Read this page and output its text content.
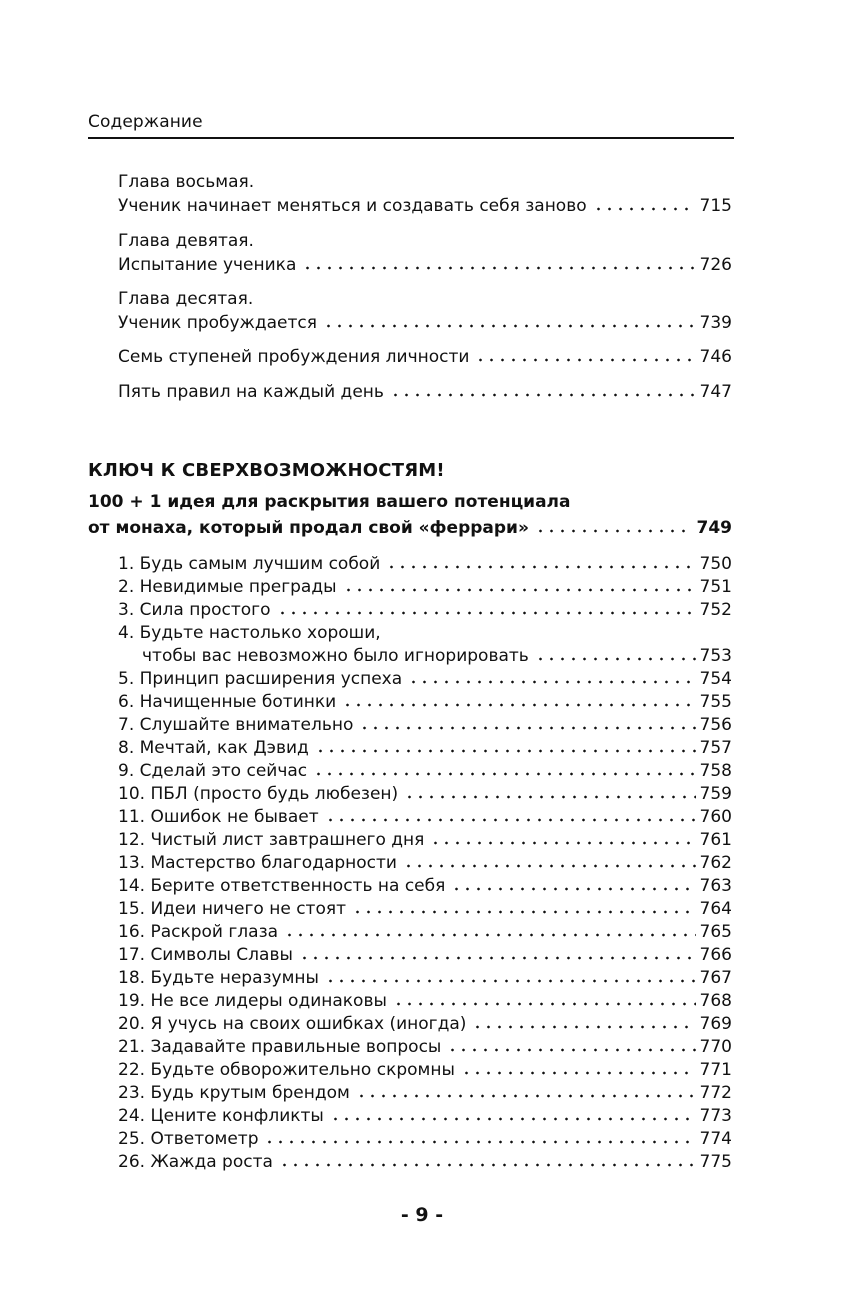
Содержание
Глава восьмая.
Ученик начинает меняться и создавать себя заново	715
Глава девятая.
Испытание ученика	726
Глава десятая.
Ученик пробуждается	739
Семь ступеней пробуждения личности	746
Пять правил на каждый день	747
КЛЮЧ К СВЕРХВОЗМОЖНОСТЯМ!
100 + 1 идея для раскрытия вашего потенциала
от монаха, который продал свой «феррари»	749
1. Будь самым лучшим собой	750
2. Невидимые преграды	751
3. Сила простого	752
4. Будьте настолько хороши,
чтобы вас невозможно было игнорировать	753
5. Принцип расширения успеха	754
6. Начищенные ботинки	755
7. Слушайте внимательно	756
8. Мечтай, как Дэвид	757
9. Сделай это сейчас	758
10. ПБЛ (просто будь любезен)	759
11. Ошибок не бывает	760
12. Чистый лист завтрашнего дня	761
13. Мастерство благодарности	762
14. Берите ответственность на себя	763
15. Идеи ничего не стоят	764
16. Раскрой глаза	765
17. Символы Славы	766
18. Будьте неразумны	767
19. Не все лидеры одинаковы	768
20. Я учусь на своих ошибках (иногда)	769
21. Задавайте правильные вопросы	770
22. Будьте обворожительно скромны	771
23. Будь крутым брендом	772
24. Цените конфликты	773
25. Ответометр	774
26. Жажда роста	775
- 9 -
